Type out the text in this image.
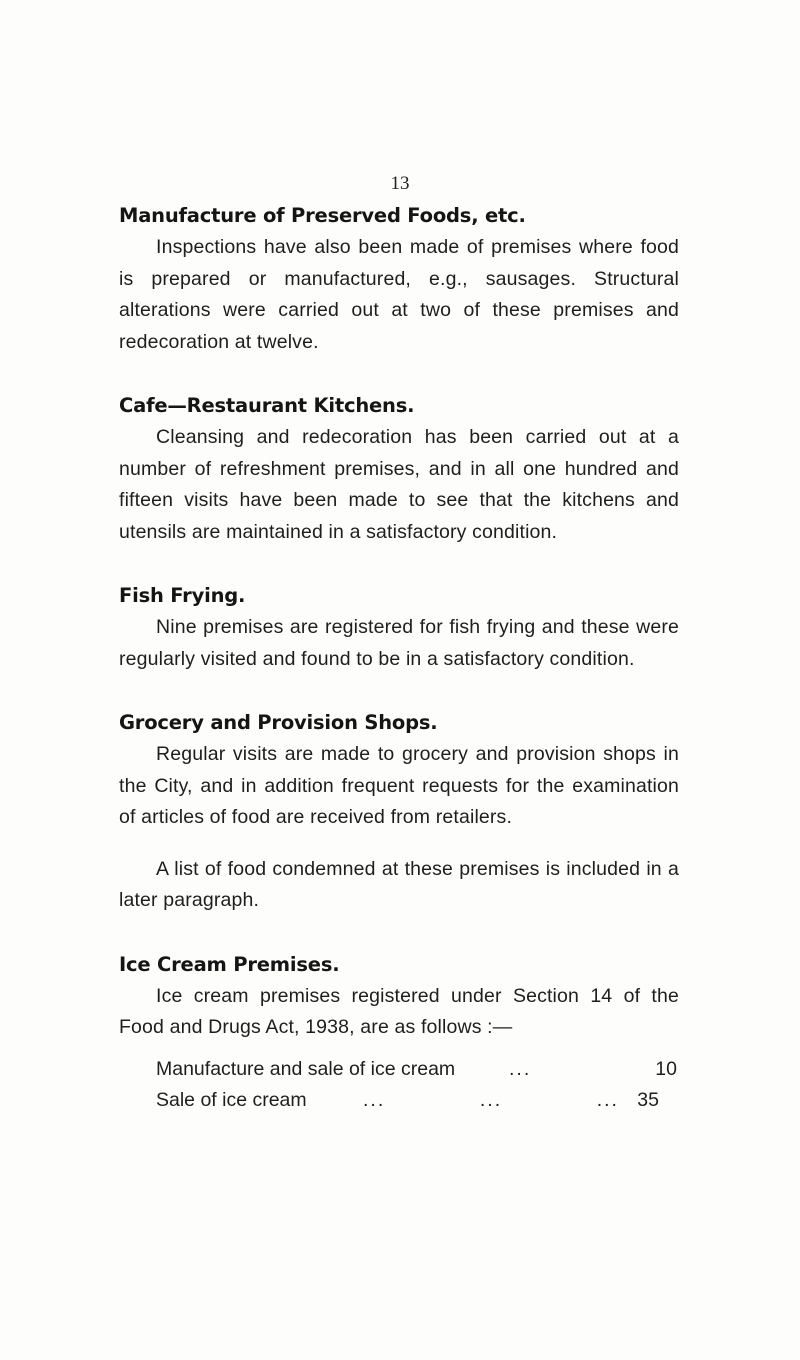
13
Manufacture of Preserved Foods, etc.

Inspections have also been made of premises where food is prepared or manufactured, e.g., sausages. Structural alterations were carried out at two of these premises and redecoration at twelve.

Cafe—Restaurant Kitchens.

Cleansing and redecoration has been carried out at a number of refreshment premises, and in all one hundred and fifteen visits have been made to see that the kitchens and utensils are maintained in a satisfactory condition.

Fish Frying.

Nine premises are registered for fish frying and these were regularly visited and found to be in a satisfactory condition.

Grocery and Provision Shops.

Regular visits are made to grocery and provision shops in the City, and in addition frequent requests for the examination of articles of food are received from retailers.

A list of food condemned at these premises is included in a later paragraph.

Ice Cream Premises.

Ice cream premises registered under Section 14 of the Food and Drugs Act, 1938, are as follows :—

Manufacture and sale of ice cream	...	10
Sale of ice cream	...	...	... 35
